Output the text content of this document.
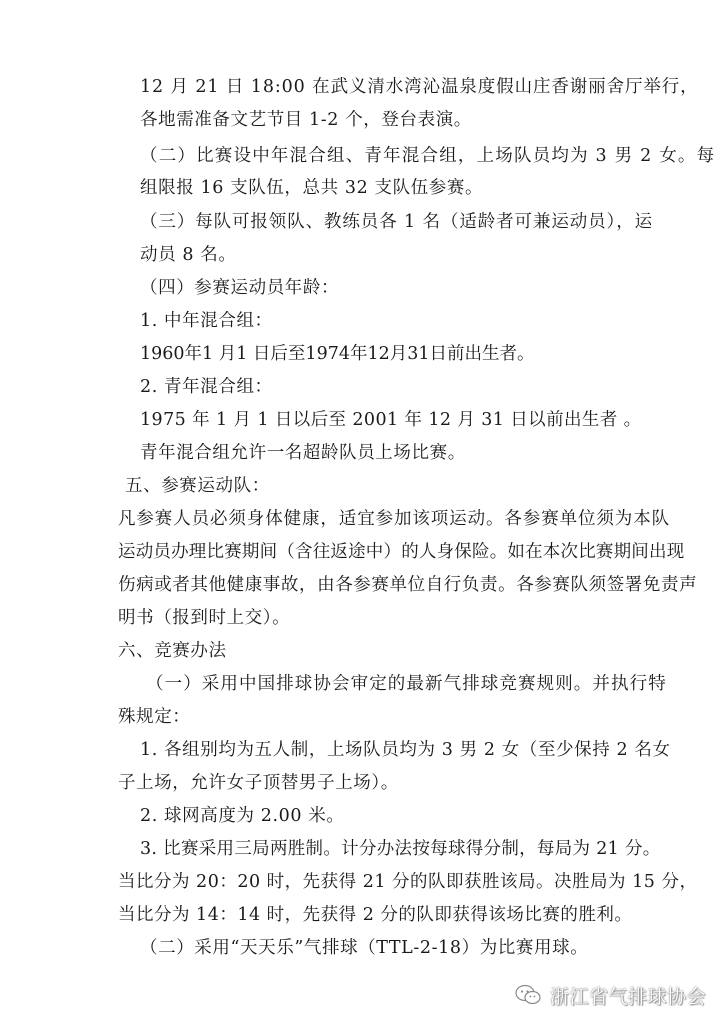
12 月 21 日 18:00 在武义清水湾沁温泉度假山庄香谢丽舍厅举行，
各地需准备文艺节目 1-2 个，登台表演。
（二）比赛设中年混合组、青年混合组，上场队员均为 3 男 2 女。每
组限报 16 支队伍，总共 32 支队伍参赛。
（三）每队可报领队、教练员各 1 名（适龄者可兼运动员），运
动员 8 名。
（四）参赛运动员年龄：
1. 中年混合组：
1960年1 月1 日后至1974年12月31日前出生者。
2. 青年混合组：
1975 年 1 月 1 日以后至 2001 年 12 月 31 日以前出生者 。
青年混合组允许一名超龄队员上场比赛。
五、参赛运动队：
凡参赛人员必须身体健康，适宜参加该项运动。各参赛单位须为本队
运动员办理比赛期间（含往返途中）的人身保险。如在本次比赛期间出现
伤病或者其他健康事故，由各参赛单位自行负责。各参赛队须签署免责声
明书（报到时上交）。
六、竞赛办法
（一）采用中国排球协会审定的最新气排球竞赛规则。并执行特
殊规定：
1. 各组别均为五人制，上场队员均为 3 男 2 女（至少保持 2 名女
子上场，允许女子顶替男子上场）。
2. 球网高度为 2.00 米。
3. 比赛采用三局两胜制。计分办法按每球得分制，每局为 21 分。
当比分为 20：20 时，先获得 21 分的队即获胜该局。决胜局为 15 分，
当比分为 14：14 时，先获得 2 分的队即获得该场比赛的胜利。
（二）采用“天天乐”气排球（TTL-2-18）为比赛用球。
浙江省气排球协会
